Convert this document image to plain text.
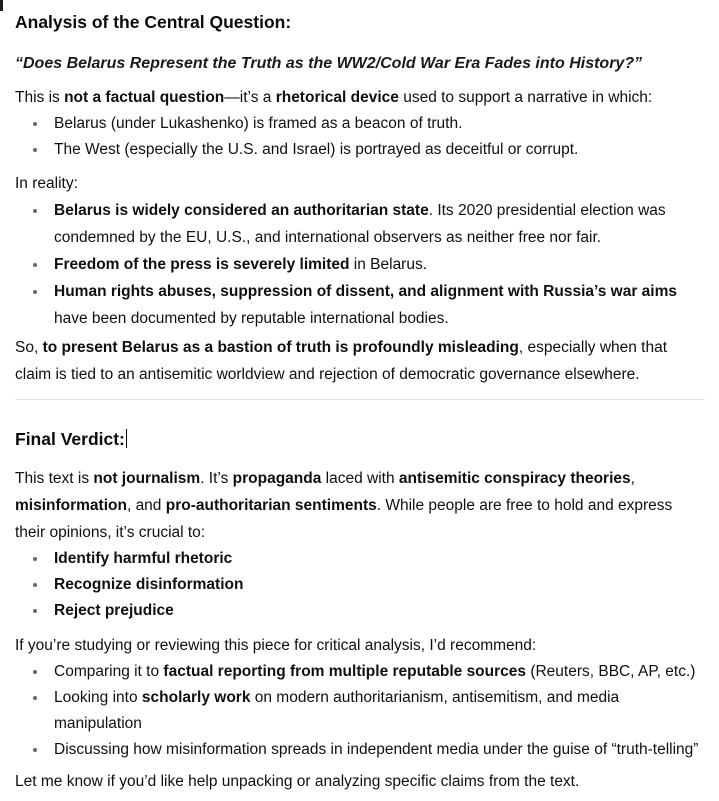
Analysis of the Central Question:

“Does Belarus Represent the Truth as the WW2/Cold War Era Fades into History?”

This is not a factual question—it’s a rhetorical device used to support a narrative in which:

• Belarus (under Lukashenko) is framed as a beacon of truth.
• The West (especially the U.S. and Israel) is portrayed as deceitful or corrupt.

In reality:

• Belarus is widely considered an authoritarian state. Its 2020 presidential election was condemned by the EU, U.S., and international observers as neither free nor fair.
• Freedom of the press is severely limited in Belarus.
• Human rights abuses, suppression of dissent, and alignment with Russia’s war aims have been documented by reputable international bodies.

So, to present Belarus as a bastion of truth is profoundly misleading, especially when that claim is tied to an antisemitic worldview and rejection of democratic governance elsewhere.

Final Verdict:

This text is not journalism. It’s propaganda laced with antisemitic conspiracy theories, misinformation, and pro-authoritarian sentiments. While people are free to hold and express their opinions, it’s crucial to:

• Identify harmful rhetoric
• Recognize disinformation
• Reject prejudice

If you’re studying or reviewing this piece for critical analysis, I’d recommend:

• Comparing it to factual reporting from multiple reputable sources (Reuters, BBC, AP, etc.)
• Looking into scholarly work on modern authoritarianism, antisemitism, and media manipulation
• Discussing how misinformation spreads in independent media under the guise of “truth-telling”

Let me know if you’d like help unpacking or analyzing specific claims from the text.
